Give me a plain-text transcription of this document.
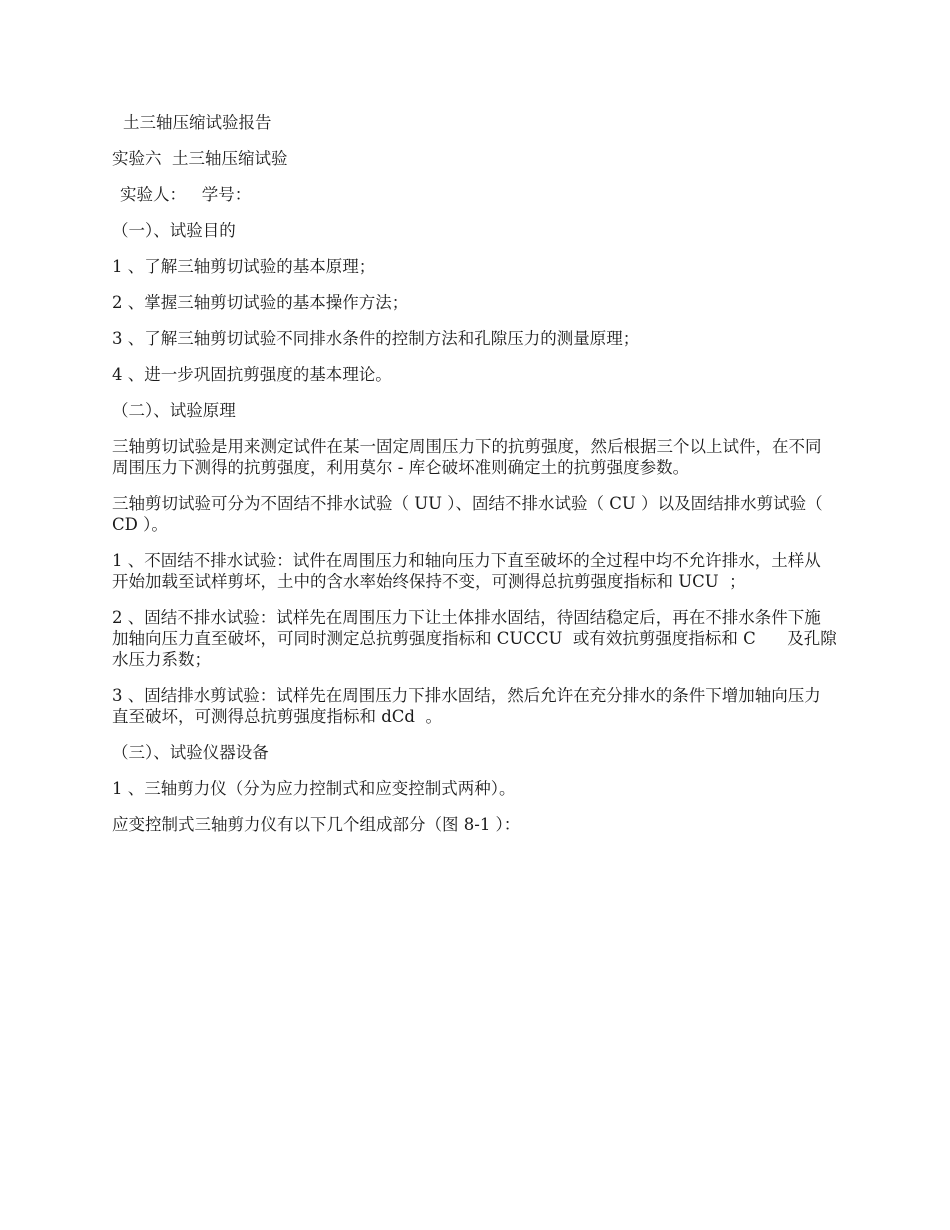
土三轴压缩试验报告

实验六  土三轴压缩试验

实验人：   学号：

（一）、试验目的

1 、了解三轴剪切试验的基本原理；

2 、掌握三轴剪切试验的基本操作方法；

3 、了解三轴剪切试验不同排水条件的控制方法和孔隙压力的测量原理；

4 、进一步巩固抗剪强度的基本理论。

（二）、试验原理

三轴剪切试验是用来测定试件在某一固定周围压力下的抗剪强度，然后根据三个以上试件，在不同周围压力下测得的抗剪强度，利用莫尔 - 库仑破坏准则确定土的抗剪强度参数。

三轴剪切试验可分为不固结不排水试验（ UU ）、固结不排水试验（ CU ）以及固结排水剪试验（ CD ）。

1 、不固结不排水试验：试件在周围压力和轴向压力下直至破坏的全过程中均不允许排水，土样从开始加载至试样剪坏，土中的含水率始终保持不变，可测得总抗剪强度指标和 UCU  ；

2 、固结不排水试验：试样先在周围压力下让土体排水固结，待固结稳定后，再在不排水条件下施加轴向压力直至破坏，可同时测定总抗剪强度指标和 CUCCU  或有效抗剪强度指标和 C      及孔隙水压力系数；

3 、固结排水剪试验：试样先在周围压力下排水固结，然后允许在充分排水的条件下增加轴向压力直至破坏，可测得总抗剪强度指标和 dCd  。

（三）、试验仪器设备

1 、三轴剪力仪（分为应力控制式和应变控制式两种）。

应变控制式三轴剪力仪有以下几个组成部分（图 8-1 ）：
